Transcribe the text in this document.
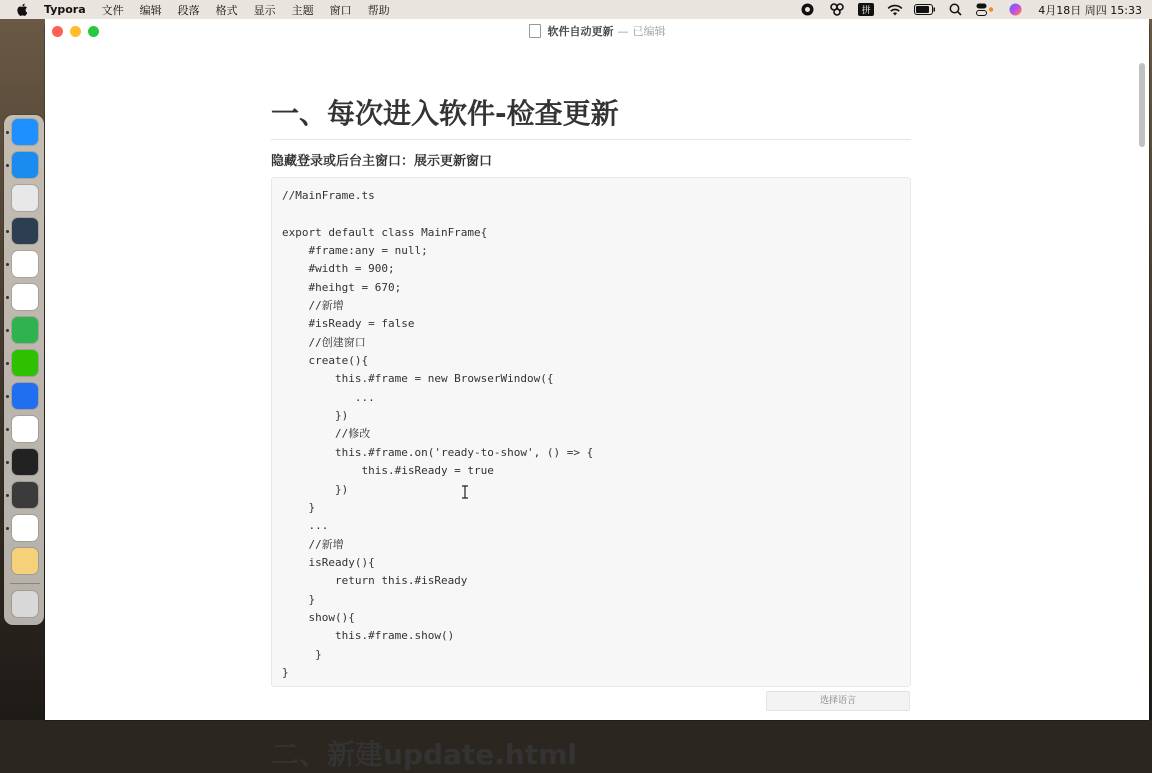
Typora	文件	编辑	段落	格式	显示	主题	窗口	帮助	拼	4月18日 周四 15:33
软件自动更新 — 已编辑
一、每次进入软件-检查更新
隐藏登录或后台主窗口：展示更新窗口
//MainFrame.ts
export default class MainFrame{
#frame:any = null;
#width = 900;
#heihgt = 670;
//新增
#isReady = false
//创建窗口
create(){
this.#frame = new BrowserWindow({
...
})
//修改
this.#frame.on('ready-to-show', () => {
this.#isReady = true
})
}
...
//新增
isReady(){
return this.#isReady
}
show(){
this.#frame.show()
}
}
选择语言
二、新建update.html
